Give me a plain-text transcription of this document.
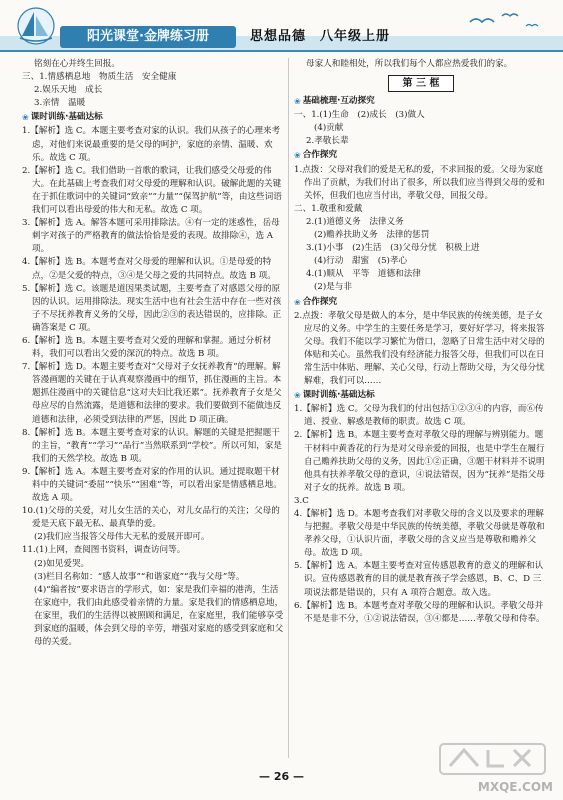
阳光课堂·金牌练习册	思想品德　八年级上册

铭刻在心并终生回报。

三、1.情感栖息地　物质生活　安全健康

2.娱乐天地　成长

3.亲情　温暖

❀ 课时训练·基础达标

1.【解析】选 C。本题主要考查对家的认识。我们从孩子的心理来考虑，对他们来说最重要的是父母的呵护，家庭的亲情、温暖、欢乐。故选 C 项。

2.【解析】选 C。我们借助一首歌的歌词，让我们感受父母爱的伟大。在此基础上考查我们对父母爱的理解和认识。破解此题的关键在于抓住歌词中的关键词“致亲”“力量”“保驾护航”等，由这些词语我们可以看出母爱的伟大和无私。故选 C 项。

3.【解析】选 A。解答本题可采用排除法。④有一定的迷惑性，岳母刺字对孩子的严格教育的做法恰恰是爱的表现。故排除④，选 A 项。

4.【解析】选 B。本题考查对父母爱的理解和认识。①是母爱的特点，②是父爱的特点，③④是父母之爱的共同特点。故选 B 项。

5.【解析】选 C。该题是道因果类试题，主要考查了对感恩父母的原因的认识。运用排除法。现实生活中也有社会生活中存在一些对孩子不尽抚养教育义务的父母，因此②③的表达错误的，应排除。正确答案是 C 项。

6.【解析】选 B。本题主要考查对父爱的理解和掌握。通过分析材料，我们可以看出父爱的深沉的特点。故选 B 项。

7.【解析】选 D。本题主要考查对“父母对子女抚养教育”的理解。解答漫画题的关键在于认真观察漫画中的细节，抓住漫画的主旨。本题抓住漫画中的关键信息“这对夫妇比我还累”。抚养教育子女是父母应尽的自然流露，是道德和法律的要求。我们要做到不能做违反道德和法律，必须受到法律的严惩，因此 D 项正确。

8.【解析】选 B。本题主要考查对家的认识。解题的关键是把握题干的主旨，“教育”“学习”“品行”当然联系到“学校”。所以可知，家是我们的天然学校。故选 B 项。

9.【解析】选 A。本题主要考查对家的作用的认识。通过提取题干材料中的关键词“委屈”“快乐”“困难”等，可以看出家是情感栖息地。故选 A 项。

10.(1)父母的关爱，对儿女生活的关心，对儿女品行的关注；父母的爱是天底下最无私、最真挚的爱。

(2)我们应当报答父母伟大无私的爱展开即可。

11.(1)上网，查阅图书资料，调查访问等。

(2)如见爱哭。

(3)栏目名称如：“感人故事”“和谐家庭”“我与父母”等。

(4)“编者按”要求语言的学形式，如：家是我们幸福的港湾，生活在家庭中，我们由此感受着亲情的力量。家是我们的情感栖息地，在家里，我们的生活得以被照顾和满足，在家庭里，我们能够享受到家庭的温暖，体会到父母的辛劳，增强对家庭的感受到家庭和父母的关爱。

母家人和睦相处，所以我们每个人都应热爱我们的家。

第 三 框
❀ 基础梳理·互动探究

一、1.(1)生命　(2)成长　(3)做人

(4)贡献

2.孝敬长辈

❀ 合作探究

1.点拨：父母对我们的爱是无私的爱，不求回报的爱。父母为家庭作出了贡献，为我们付出了很多，所以我们应当得到父母的爱和关怀，但我们也应当付出，孝敬父母，回报父母。

二、1.敬重和爱戴

2.(1)道德义务　法律义务

(2)赡养扶助义务　法律的惩罚

3.(1)小事　(2)生活　(3)父母分忧　积极上进

(4)行动　甜蜜　(5)孝心

4.(1)顺从　平等　道德和法律

(2)是与非

❀ 合作探究

2.点拨：孝敬父母是做人的本分，是中华民族的传统美德，是子女应尽的义务。中学生的主要任务是学习，要好好学习，将来报答父母。我们不能以学习繁忙为借口，忽略了日常生活中对父母的体贴和关心。虽然我们没有经济能力报答父母，但我们可以在日常生活中体贴、理解、关心父母，行动上帮助父母，为父母分忧解难，我们可以……

❀ 课时训练·基础达标

1.【解析】选 C。父母为我们的付出包括①②③④的内容，而⑥传道、授业、解惑是教师的职责。故选 C 项。

2.【解析】选 B。本题主要考查对孝敬父母的理解与辨别能力。题干材料中黄香花的行为是对父母亲爱的回报，也是中学生在履行自己赡养扶助父母的义务，因此①②正确，③题干材料并不说明他具有扶养孝敬父母的意识，④说法错误，因为“抚养”是指父母对子女的抚养。故选 B 项。

3.C

4.【解析】选 D。本题考查我们对孝敬父母的含义以及要求的理解与把握。孝敬父母是中华民族的传统美德，孝敬父母就是尊敬和孝养父母，①认识片面，孝敬父母的含义应当是尊敬和赡养父母。故选 D 项。

5.【解析】选 A。本题主要考查对宣传感恩教育的意义的理解和认识。宣传感恩教育的目的就是教育孩子学会感恩，B、C、D 三项说法都是错误的，只有 A 项符合题意。故入选。

6.【解析】选 B。本题考查对孝敬父母的理解和认识。孝敬父母并不是是非不分，①②说法错误，③④都是……孝敬父母和侍奉。

— 26 —
MXQE.COM
